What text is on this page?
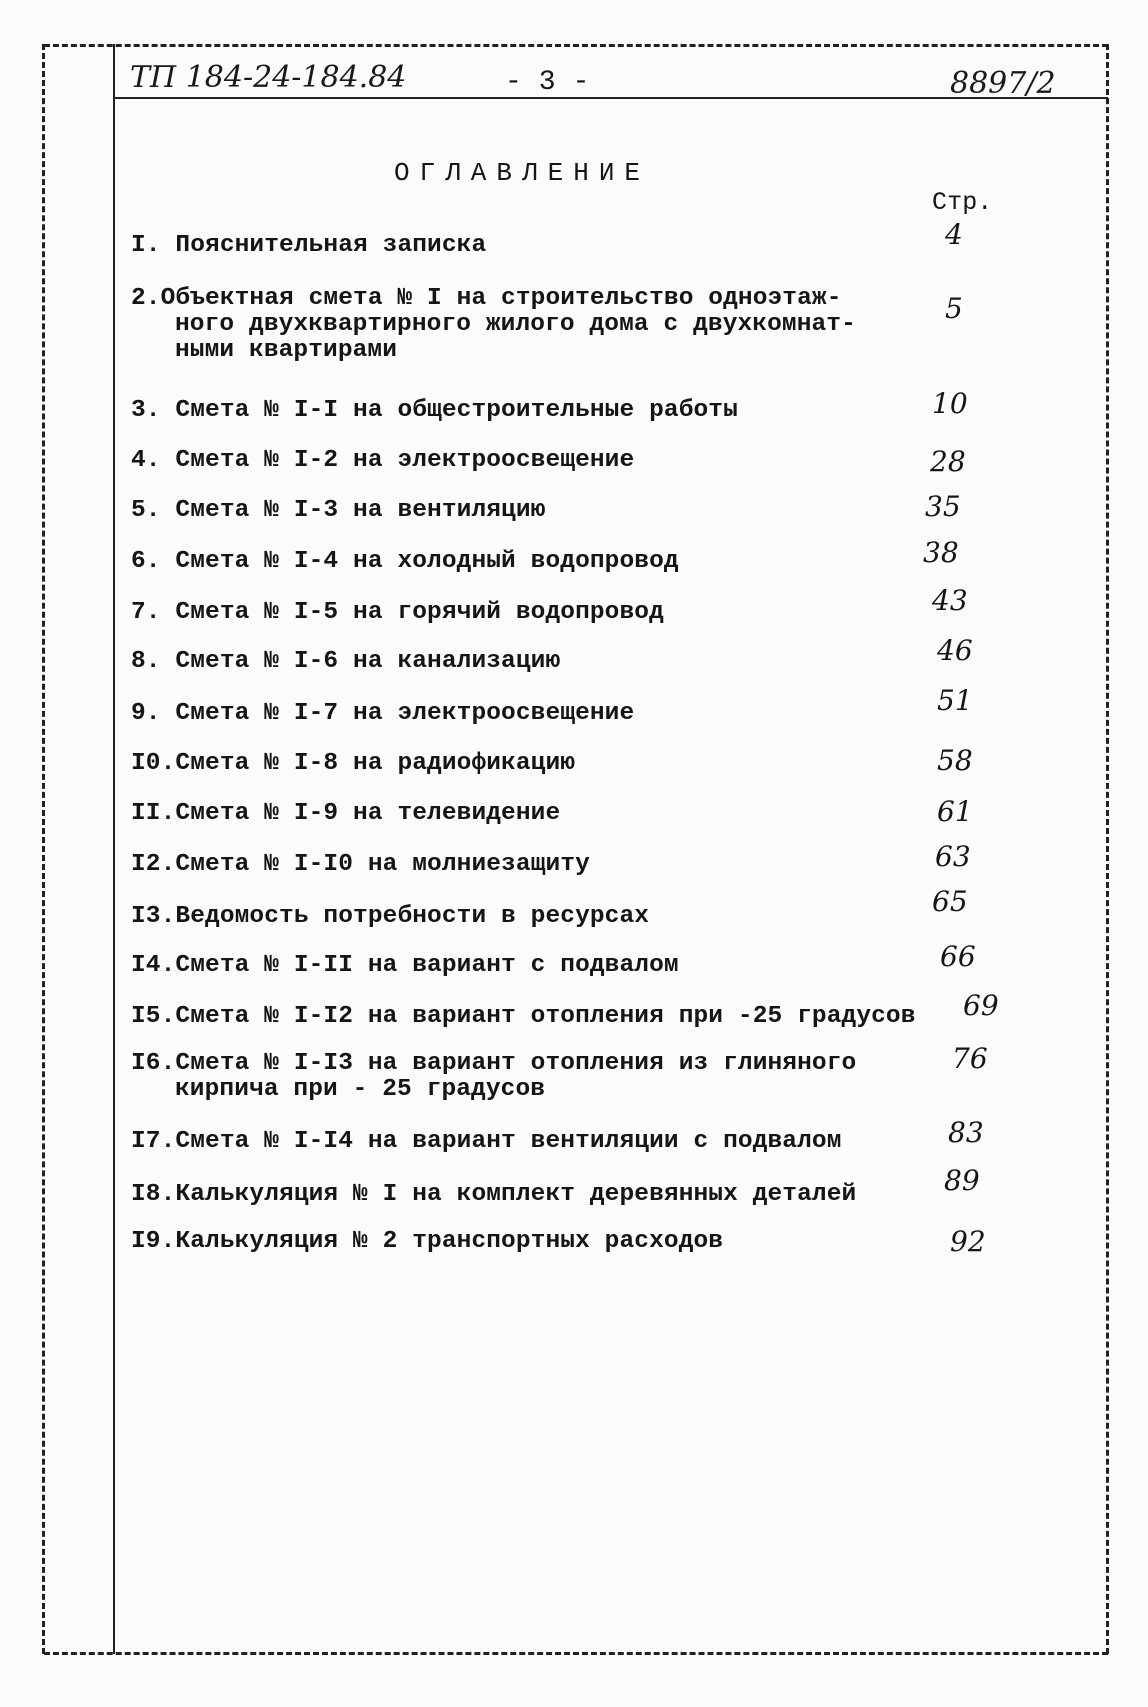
ТП 184-24-184.84	- 3 -	8897/2
ОГЛАВЛЕНИЕ
Стр.
I. Пояснительная записка	4
2.Объектная смета № I на строительство одноэтаж-
ного двухквартирного жилого дома с двухкомнат-
ными квартирами
5
3. Смета № I-I на общестроительные работы	10
4. Смета № I-2 на электроосвещение	28
5. Смета № I-3 на вентиляцию	35
6. Смета № I-4 на холодный водопровод	38
7. Смета № I-5 на горячий водопровод	43
8. Смета № I-6 на канализацию	46
9. Смета № I-7 на электроосвещение	51
I0.Смета № I-8 на радиофикацию	58
II.Смета № I-9 на телевидение	61
I2.Смета № I-I0 на молниезащиту	63
I3.Ведомость потребности в ресурсах	65
I4.Смета № I-II на вариант с подвалом	66
I5.Смета № I-I2 на вариант отопления при -25 градусов 69
I6.Смета № I-I3 на вариант отопления из глиняного
кирпича при - 25 градусов
76
I7.Смета № I-I4 на вариант вентиляции с подвалом	83
I8.Калькуляция № I на комплект деревянных деталей	89
I9.Калькуляция № 2 транспортных расходов	92
